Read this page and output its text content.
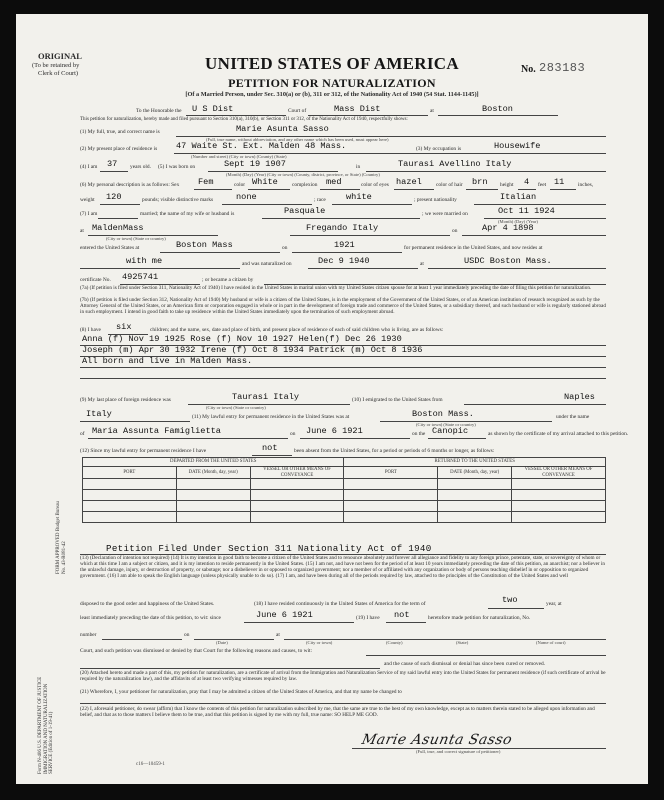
ORIGINAL
(To be retained by
Clerk of Court)
UNITED STATES OF AMERICA	No. 283183
PETITION FOR NATURALIZATION
[Of a Married Person, under Sec. 310(a) or (b), 311 or 312, of the Nationality Act of 1940 (54 Stat. 1144-1145)]
To the Honorable the U S Dist	Court of	Mass Dist	at	Boston
This petition for naturalization, hereby made and filed pursuant to Section 310(a), 310(b), or Section 311 or 312, of the Nationality Act of 1940, respectfully shows:
(1) My full, true, and correct name is	Marie Asunta Sasso
(Full, true name, without abbreviation, and any other name which has been used, must appear here)
(2) My present place of residence is 47 Waite St. Ext. Malden 48 Mass.	(3) My occupation is	Housewife
(Number and street) (City or town) (County) (State)
(4) I am 37 years old. (5) I was born on	Sept 19 1907	in	Taurasi Avellino Italy
(Month) (Day) (Year) (City or town) (County, district, province, or State) (Country)
(6) My personal description is as follows: Sex Fem	color White	complexion med	color of eyes hazel	color of hair brn height 4 feet 11	inches,
weight 120	pounds; visible distinctive marks	none	; race white	; present nationality	Italian
(7) I am	married; the name of my wife or husband is	Pasquale	; we were married on	Oct 11 1924
(Month) (Day) (Year)
at MaldenMass
(City or town) (State or country)
Fregando Italy	on	Apr 4 1898
entered the United States at	Boston Mass	on	1921	for permanent residence in the United States, and now resides at
with me	and was naturalized on	Dec 9 1940	at	USDC Boston Mass.
certificate No. 4925741	; or became a citizen by
(7a) (If petition is filed under Section 311, Nationality Act of 1940) I have resided in the United States in marital union with my United States citizen spouse for at least 1 year immediately preceding the date of filing this petition for naturalization.
(7b) (If petition is filed under Section 312, Nationality Act of 1940) My husband or wife is a citizen of the United States, is in the employment of the Government of the United States, or of an American institution of research recognized as such by the Attorney General of the United States, or an American firm or corporation engaged in whole or in part in the development of foreign trade and commerce of the United States, or a subsidiary thereof, and such husband or wife is regularly stationed abroad in such employment. I intend in good faith to take up residence within the United States immediately upon the termination of such employment abroad.
(8) I have six	children; and the name, sex, date and place of birth, and present place of residence of each of said children who is living, are as follows:
Anna (f) Nov 19 1925 Rose (f) Nov 10 1927 Helen(f) Dec 26 1930
Joseph (m) Apr 30 1932 Irene (f) Oct 8 1934 Patrick (m) Oct 8 1936
All born and live in Malden Mass.
(9) My last place of foreign residence was	Taurasi Italy	(10) I emigrated to the United States from	Naples
(City or town) (State or country)
Italy	(11) My lawful entry for permanent residence in the United States was at	Boston Mass.	under the name
(City or town) (State or country)
of Maria Assunta Famiglietta	on June 6 1921	on the Canopic	as shown by the certificate of my arrival attached to this petition.
(12) Since my lawful entry for permanent residence I have	not	been absent from the United States, for a period or periods of 6 months or longer, as follows:
DEPARTED FROM THE UNITED STATES			RETURNED TO THE UNITED STATES		
PORT	DATE (Month, day, year)	VESSEL OR OTHER MEANS OF CONVEYANCE	PORT	DATE (Month, day, year)	VESSEL OR OTHER MEANS OF CONVEYANCE

Petition Filed Under Section 311 Nationality Act of 1940
(13) (Declaration of intention not required) (14) It is my intention in good faith to become a citizen of the United States and to renounce absolutely and forever all allegiance and fidelity to any foreign prince, potentate, state, or sovereignty of whom or which at this time I am a subject or citizen, and it is my intention to reside permanently in the United States. (15) I am not, and have not been for the period of at least 10 years immediately preceding the date of this petition, an anarchist; nor a believer in the unlawful damage, injury, or destruction of property, or sabotage; nor a disbeliever in or opposed to organized government; nor a member of or affiliated with any organization or body of persons teaching disbelief in or opposition to organized government. (16) I am able to speak the English language (unless physically unable to do so). (17) I am, and have been during all of the periods required by law, attached to the principles of the Constitution of the United States and well
disposed to the good order and happiness of the United States.	(18) I have resided continuously in the United States of America for the term of	two	year, at
least immediately preceding the date of this petition, to wit: since	June 6 1921	(19) I have not	heretofore made petition for naturalization, No.
number	on	at
(Date)	(City or town)	(County)	(State)	(Name of court)
Court, and such petition was dismissed or denied by that Court for the following reasons and causes, to wit:
and the cause of such dismissal or denial has since been cured or removed.
(20) Attached hereto and made a part of this, my petition for naturalization, are a certificate of arrival from the Immigration and Naturalization Service of my said lawful entry into the United States for permanent residence (if such certificate of arrival be required by the naturalization law), and the affidavits of at least two verifying witnesses required by law.
(21) Wherefore, I, your petitioner for naturalization, pray that I may be admitted a citizen of the United States of America, and that my name be changed to
(22) I, aforesaid petitioner, do swear (affirm) that I know the contents of this petition for naturalization subscribed by me, that the same are true to the best of my own knowledge, except as to matters therein stated to be alleged upon information and belief, and that as to those matters I believe them to be true, and that this petition is signed by me with my full, true name: SO HELP ME GOD.
Marie Asunta Sasso
(Full, true, and correct signature of petitioner)
c16—10459-1
Form N-406 U.S. DEPARTMENT OF JUSTICE IMMIGRATION AND NATURALIZATION SERVICE (Edition of 1-19-41)
FORM APPROVED Budget Bureau No. 43-R081-42
